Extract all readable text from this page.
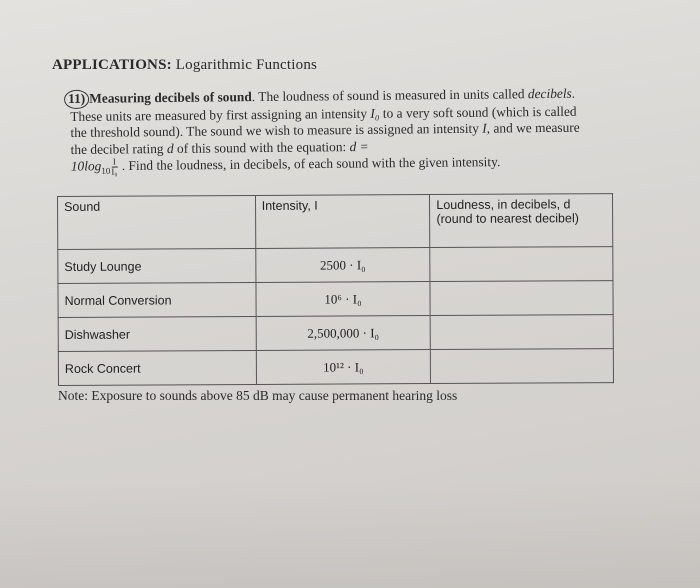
APPLICATIONS: Logarithmic Functions
11) Measuring decibels of sound. The loudness of sound is measured in units called decibels. These units are measured by first assigning an intensity I₀ to a very soft sound (which is called the threshold sound). The sound we wish to measure is assigned an intensity I, and we measure the decibel rating d of this sound with the equation: d =
$10\log_{10} \frac{I}{\text{I₀}}$ . Find the loudness, in decibels, of each sound with the given intensity.
Sound	Intensity, I	Loudness, in decibels, d (round to nearest decibel)
Study Lounge	2500 · I₀	
Normal Conversion	10⁶ · I₀	
Dishwasher	2,500,000 · I₀	
Rock Concert	10¹² · I₀	
Note: Exposure to sounds above 85 dB may cause permanent hearing loss
